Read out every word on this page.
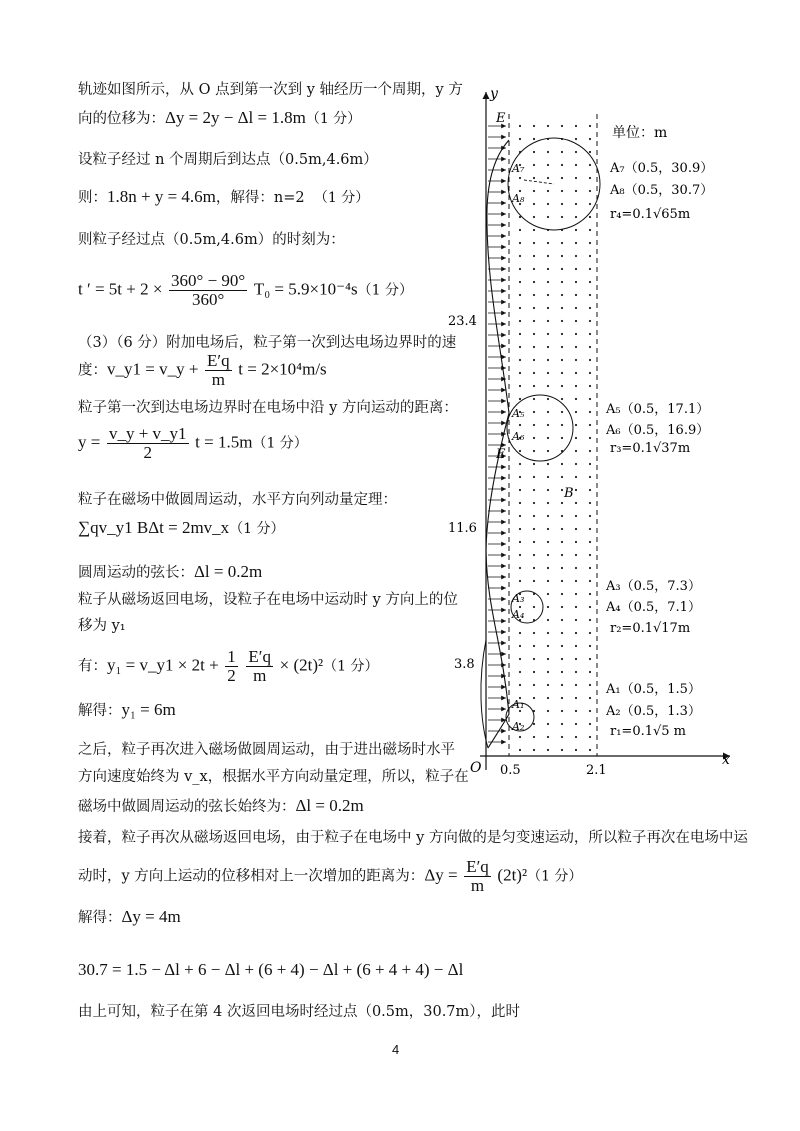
轨迹如图所示，从 O 点到第一次到 y 轴经历一个周期，y 方
向的位移为：Δy = 2y − Δl = 1.8m（1 分）
设粒子经过 n 个周期后到达点（0.5m,4.6m）
则：1.8n + y = 4.6m，解得：n=2 （1 分）
则粒子经过点（0.5m,4.6m）的时刻为：
t ′ = $5t + 2 \times \frac{360^\circ - 90^\circ}{360^\circ} T_0 = 5.9\times 10^{-4}s(1$ 分）
（3）（6 分）附加电场后，粒子第一次到达电场边界时的速
度：v_y1 = v_y + $\frac{E'q}{m}$ t = 2×10⁴m/s
粒子第一次到达电场边界时在电场中沿 y 方向运动的距离：
$y = \frac{v\_y + v\_y1}{2}$ t = 1.5m（1 分）
粒子在磁场中做圆周运动，水平方向列动量定理：
∑qv_y1 BΔt = 2mv_x（1 分）
圆周运动的弦长：Δl = 0.2m
粒子从磁场返回电场，设粒子在电场中运动时 y 方向上的位
移为 y₁
有：y₁ = v_y1 × $2t + \frac{1}{2}$
$\frac{E'q}{m} \times (2t)^2(1$ 分）
解得：y₁ = 6m
之后，粒子再次进入磁场做圆周运动，由于进出磁场时水平
方向速度始终为 v_x，根据水平方向动量定理，所以，粒子在
磁场中做圆周运动的弦长始终为：Δl = 0.2m
接着，粒子再次从磁场返回电场，由于粒子在电场中 y 方向做的是匀变速运动，所以粒子再次在电场中运
动时，y 方向上运动的位移相对上一次增加的距离为：$\Delta y = \frac{E'q}{m} (2t)^2(1$ 分）
解得：Δy = 4m
30.7 = 1.5 − Δl + 6 − Δl + (6 + 4) − Δl + (6 + 4 + 4) − Δl
由上可知，粒子在第 4 次返回电场时经过点（0.5m，30.7m），此时
4
y
x
O 0.5	2.1
3.8
11.6
23.4
E
E
B
单位：m
A₇
A₈
A₅
A₆
A₃
A₄
A₁
A₂
A₇（0.5，30.9）
A₈（0.5，30.7）
r₄=0.1√65m
A₅（0.5，17.1）
A₆（0.5，16.9）
r₃=0.1√37m
A₃（0.5，7.3）
A₄（0.5，7.1）
r₂=0.1√17m
A₁（0.5，1.5）
A₂（0.5，1.3）
r₁=0.1√5 m
